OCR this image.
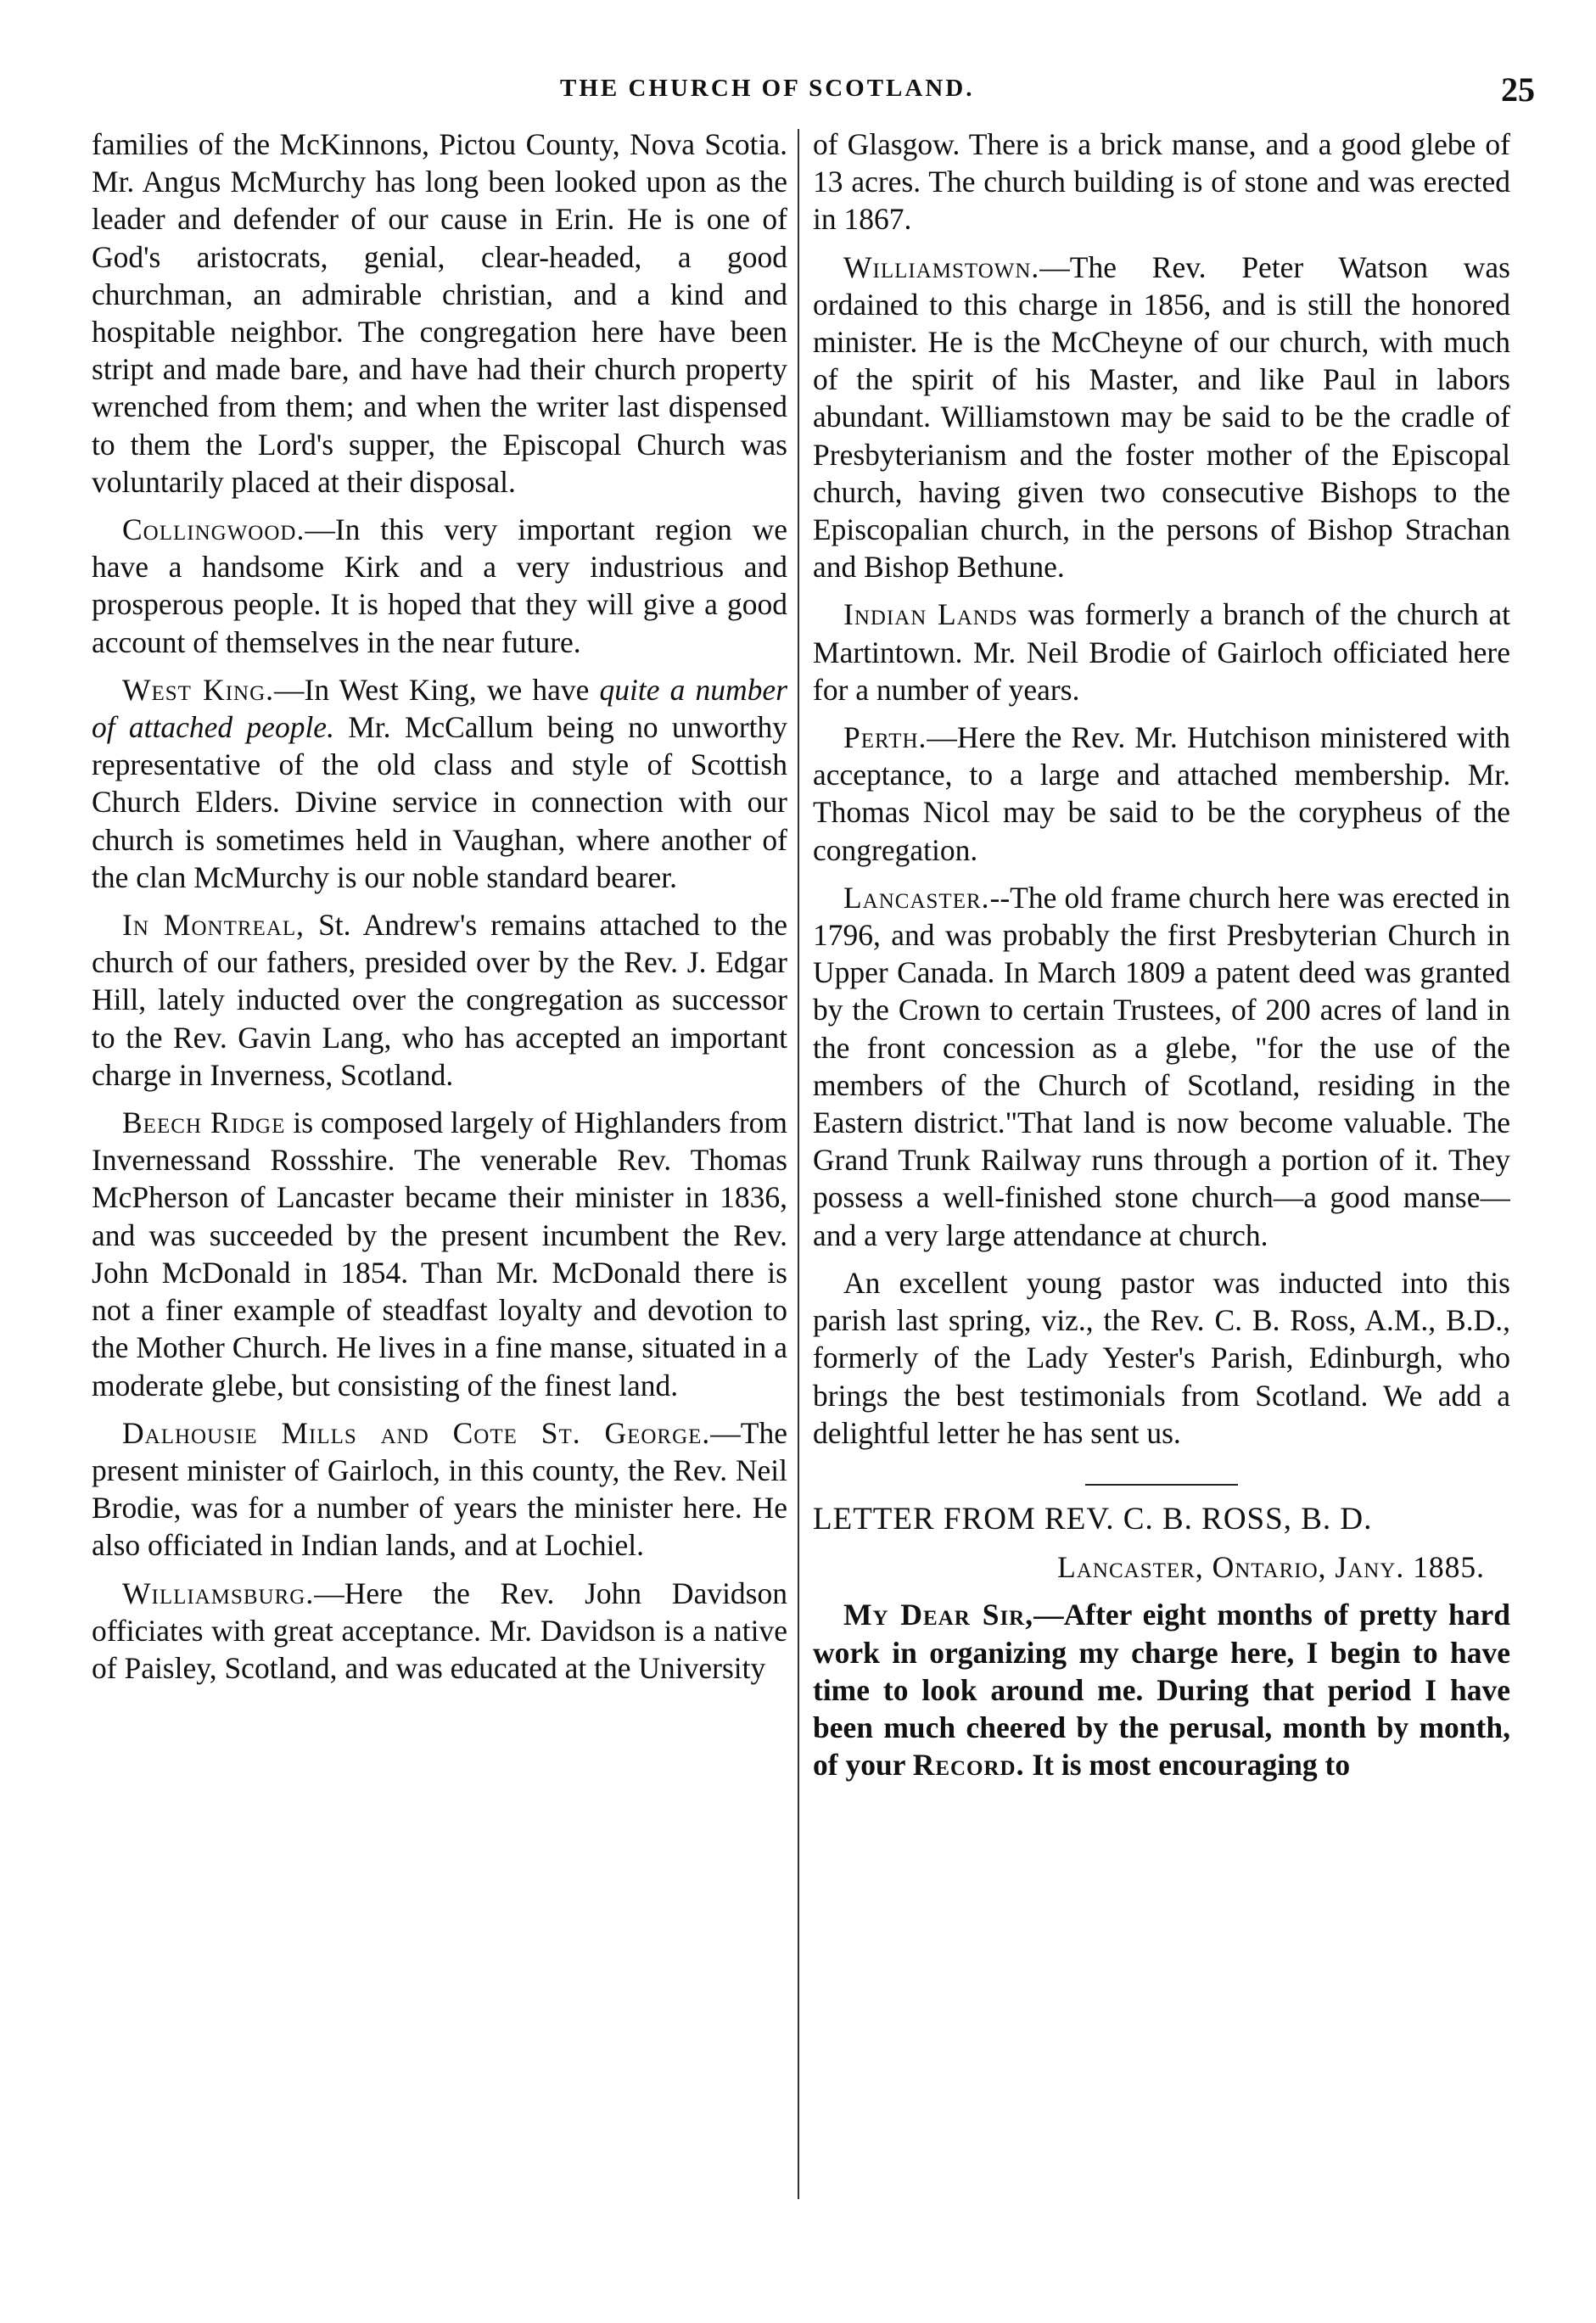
THE CHURCH OF SCOTLAND.	25

families of the McKinnons, Pictou County, Nova Scotia. Mr. Angus McMurchy has long been looked upon as the leader and defender of our cause in Erin. He is one of God's aristocrats, genial, clear-headed, a good churchman, an admirable christian, and a kind and hospitable neighbor. The congregation here have been stript and made bare, and have had their church property wrenched from them; and when the writer last dispensed to them the Lord's supper, the Episcopal Church was voluntarily placed at their disposal.

Collingwood.—In this very important region we have a handsome Kirk and a very industrious and prosperous people. It is hoped that they will give a good account of themselves in the near future.

West King.—In West King, we have quite a number of attached people. Mr. McCallum being no unworthy representative of the old class and style of Scottish Church Elders. Divine service in connection with our church is sometimes held in Vaughan, where another of the clan McMurchy is our noble standard bearer.

In Montreal, St. Andrew's remains attached to the church of our fathers, presided over by the Rev. J. Edgar Hill, lately inducted over the congregation as successor to the Rev. Gavin Lang, who has accepted an important charge in Inverness, Scotland.

Beech Ridge is composed largely of Highlanders from Invernessand Rossshire. The venerable Rev. Thomas McPherson of Lancaster became their minister in 1836, and was succeeded by the present incumbent the Rev. John McDonald in 1854. Than Mr. McDonald there is not a finer example of steadfast loyalty and devotion to the Mother Church. He lives in a fine manse, situated in a moderate glebe, but consisting of the finest land.

Dalhousie Mills and Cote St. George.—The present minister of Gairloch, in this county, the Rev. Neil Brodie, was for a number of years the minister here. He also officiated in Indian lands, and at Lochiel.

Williamsburg.—Here the Rev. John Davidson officiates with great acceptance. Mr. Davidson is a native of Paisley, Scotland, and was educated at the University

of Glasgow. There is a brick manse, and a good glebe of 13 acres. The church building is of stone and was erected in 1867.

Williamstown.—The Rev. Peter Watson was ordained to this charge in 1856, and is still the honored minister. He is the McCheyne of our church, with much of the spirit of his Master, and like Paul in labors abundant. Williamstown may be said to be the cradle of Presbyterianism and the foster mother of the Episcopal church, having given two consecutive Bishops to the Episcopalian church, in the persons of Bishop Strachan and Bishop Bethune.

Indian Lands was formerly a branch of the church at Martintown. Mr. Neil Brodie of Gairloch officiated here for a number of years.

Perth.—Here the Rev. Mr. Hutchison ministered with acceptance, to a large and attached membership. Mr. Thomas Nicol may be said to be the corypheus of the congregation.

Lancaster.--The old frame church here was erected in 1796, and was probably the first Presbyterian Church in Upper Canada. In March 1809 a patent deed was granted by the Crown to certain Trustees, of 200 acres of land in the front concession as a glebe, "for the use of the members of the Church of Scotland, residing in the Eastern district."That land is now become valuable. The Grand Trunk Railway runs through a portion of it. They possess a well-finished stone church—a good manse—and a very large attendance at church.

An excellent young pastor was inducted into this parish last spring, viz., the Rev. C. B. Ross, A.M., B.D., formerly of the Lady Yester's Parish, Edinburgh, who brings the best testimonials from Scotland. We add a delightful letter he has sent us.

LETTER FROM REV. C. B. ROSS, B. D.

Lancaster, Ontario, Jany. 1885.

My Dear Sir,—After eight months of pretty hard work in organizing my charge here, I begin to have time to look around me. During that period I have been much cheered by the perusal, month by month, of your Record. It is most encouraging to
